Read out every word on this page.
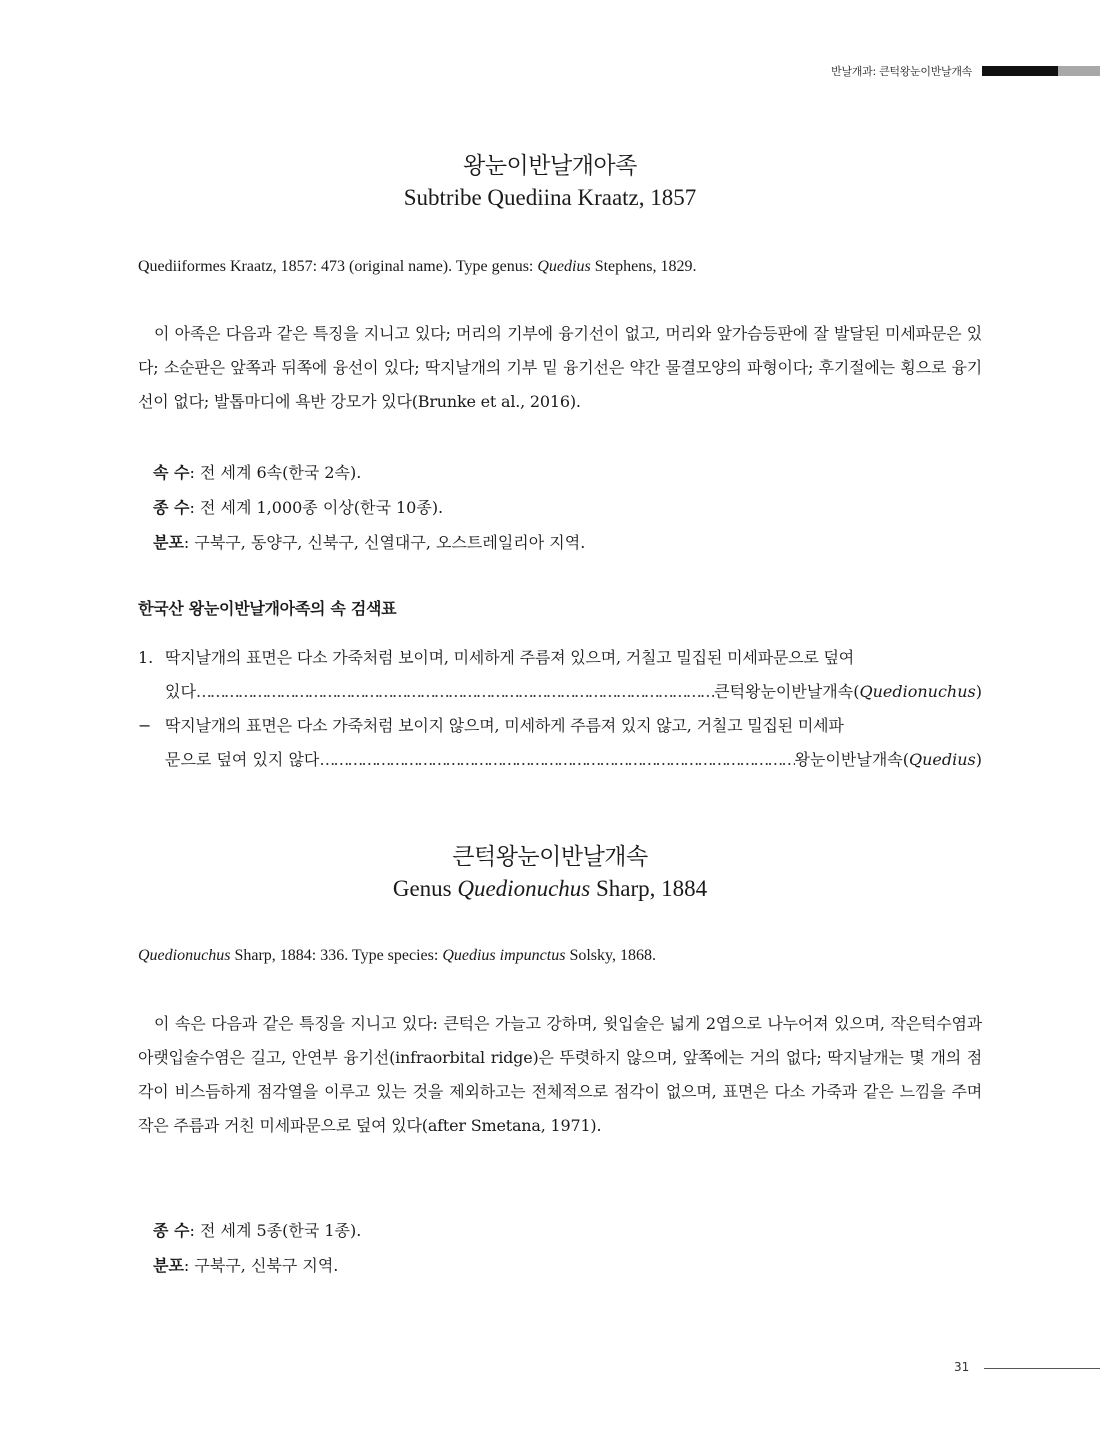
반날개과: 큰턱왕눈이반날개속
왕눈이반날개아족
Subtribe Quediina Kraatz, 1857
Quediiformes Kraatz, 1857: 473 (original name). Type genus: Quedius Stephens, 1829.
이 아족은 다음과 같은 특징을 지니고 있다; 머리의 기부에 융기선이 없고, 머리와 앞가슴등판에 잘 발달된 미세파문은 있다; 소순판은 앞쪽과 뒤쪽에 융선이 있다; 딱지날개의 기부 밑 융기선은 약간 물결모양의 파형이다; 후기절에는 횡으로 융기선이 없다; 발톱마디에 욕반 강모가 있다(Brunke et al., 2016).
속 수: 전 세계 6속(한국 2속).
종 수: 전 세계 1,000종 이상(한국 10종).
분포: 구북구, 동양구, 신북구, 신열대구, 오스트레일리아 지역.
한국산 왕눈이반날개아족의 속 검색표
1. 딱지날개의 표면은 다소 가죽처럼 보이며, 미세하게 주름져 있으며, 거칠고 밀집된 미세파문으로 덮여
있다 …………………………………………………………………………………………………………………………………………………………	큰턱왕눈이반날개속(Quedionuchus)
− 딱지날개의 표면은 다소 가죽처럼 보이지 않으며, 미세하게 주름져 있지 않고, 거칠고 밀집된 미세파
문으로 덮여 있지 않다 …………………………………………………………………………………………………………………………………………………………	왕눈이반날개속(Quedius)
큰턱왕눈이반날개속
Genus Quedionuchus Sharp, 1884
Quedionuchus Sharp, 1884: 336. Type species: Quedius impunctus Solsky, 1868.
이 속은 다음과 같은 특징을 지니고 있다: 큰턱은 가늘고 강하며, 윗입술은 넓게 2엽으로 나누어져 있으며, 작은턱수염과 아랫입술수염은 길고, 안연부 융기선(infraorbital ridge)은 뚜렷하지 않으며, 앞쪽에는 거의 없다; 딱지날개는 몇 개의 점각이 비스듬하게 점각열을 이루고 있는 것을 제외하고는 전체적으로 점각이 없으며, 표면은 다소 가죽과 같은 느낌을 주며 작은 주름과 거친 미세파문으로 덮여 있다(after Smetana, 1971).
종 수: 전 세계 5종(한국 1종).
분포: 구북구, 신북구 지역.
31
